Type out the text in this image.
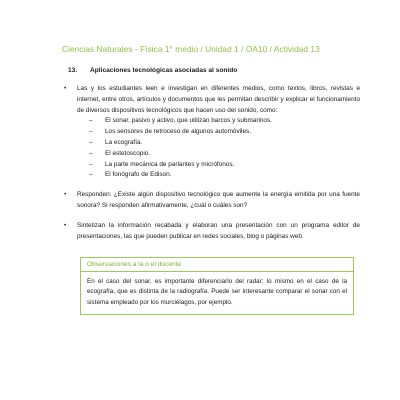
Ciencias Naturales - Física 1° medio / Unidad 1 / OA10 / Actividad 13
13. Aplicaciones tecnológicas asociadas al sonido
• Las y los estudiantes leen e investigan en diferentes medios, como textos, libros, revistas e internet, entre otros, artículos y documentos que les permitan describir y explicar el funcionamiento de diversos dispositivos tecnológicos que hacen uso del sonido, como:
– El sonar, pasivo y activo, que utilizan barcos y submarinos.
– Los sensores de retroceso de algunos automóviles.
– La ecografía.
– El estetoscopio.
– La parte mecánica de parlantes y micrófonos.
– El fonógrafo de Edison.
• Responden: ¿Existe algún dispositivo tecnológico que aumente la energía emitida por una fuente sonora? Si responden afirmativamente, ¿cuál o cuáles son?
• Sintetizan la información recabada y elaboran una presentación con un programa editor de presentaciones, las que pueden publicar en redes sociales, blog o páginas web.
Observaciones a la o el docente
En el caso del sonar, es importante diferenciarlo del radar; lo mismo en el caso de la ecografía, que es distinta de la radiografía. Puede ser interesante comparar el sonar con el sistema empleado por los murciélagos, por ejemplo.
